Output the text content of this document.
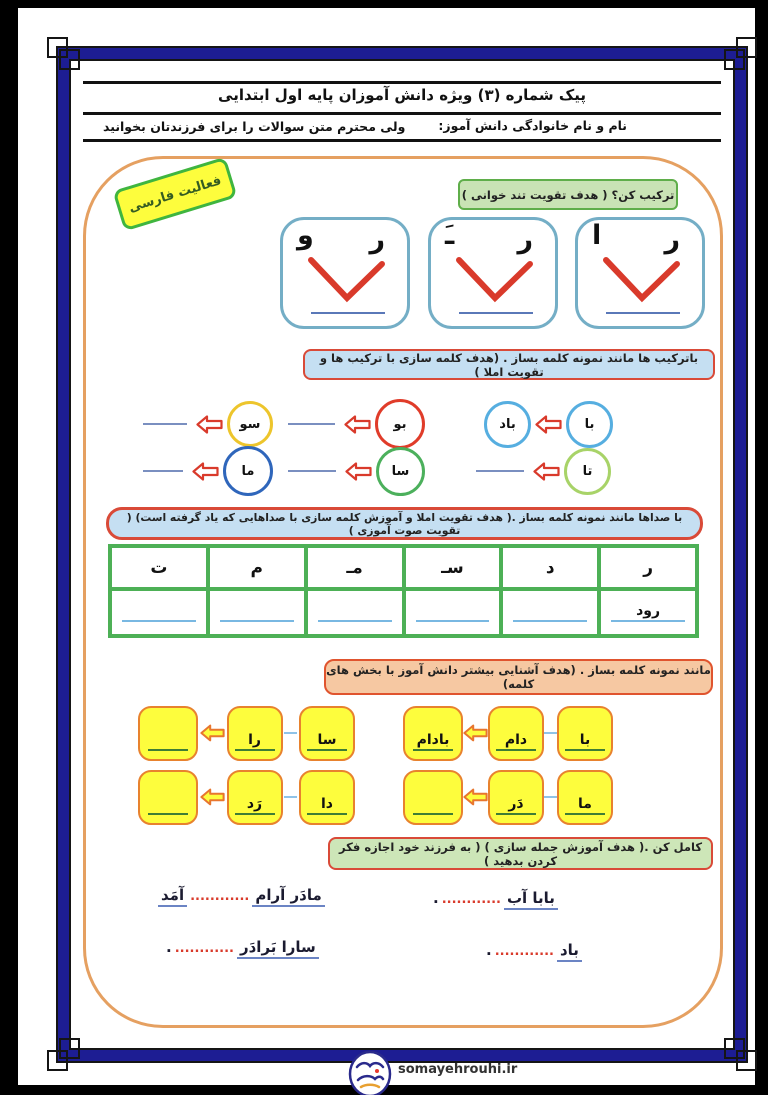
پیک شماره (۳) ویژه دانش آموزان پایه اول ابتدایی
نام و نام خانوادگی دانش آموز:
ولی محترم متن سوالات را برای فرزندتان بخوانید
فعالیت فارسی	ترکیب کن؟ ( هدف تقویت تند خوانی )
ر
ا
ر
ـَ
ر
و
باترکیب ها مانند نمونه کلمه بساز . (هدف کلمه سازی با ترکیب ها و تقویت املا )
با
باد
بو
سو
تا
سا
ما
با صداها مانند نمونه کلمه بساز .( هدف تقویت املا و آموزش کلمه سازی با صداهایی که یاد گرفته است) ( تقویت صوت آموزی )
ر
د
سـ
مـ
م
ت
رود
مانند نمونه کلمه بساز . (هدف آشنایی بیشتر دانش آموز با بخش های کلمه)
با
دام
بادام
سا
را
ما
دَر
دا
رَد
کامل کن .( هدف آموزش جمله سازی ) ( به فرزند خود اجازه فکر کردن بدهید )
بابا آب.............
مادَر آرام............آمَد
باد.............
سارا بَرادَر.............
somayehrouhi.ir
